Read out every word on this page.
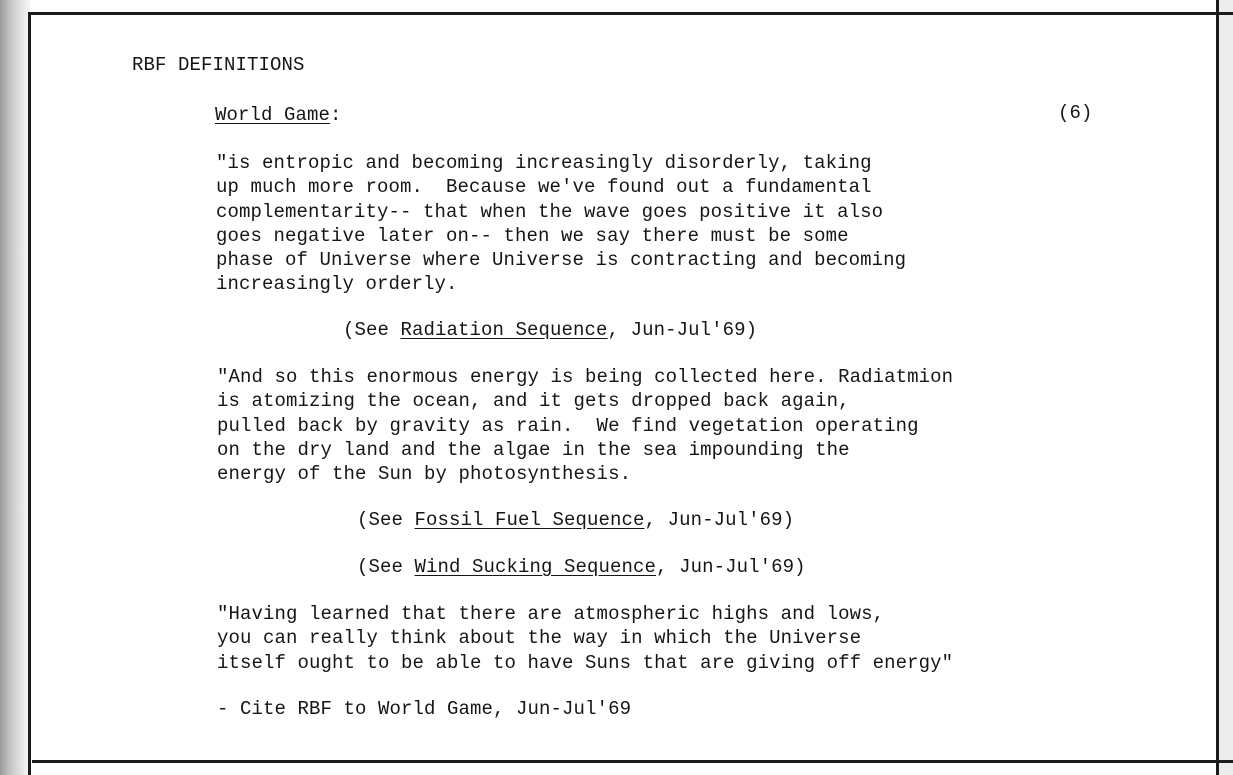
RBF DEFINITIONS
World Game:	(6)
"is entropic and becoming increasingly disorderly, taking
up much more room.  Because we've found out a fundamental
complementarity-- that when the wave goes positive it also
goes negative later on-- then we say there must be some
phase of Universe where Universe is contracting and becoming
increasingly orderly.
(See Radiation Sequence, Jun-Jul'69)
"And so this enormous energy is being collected here. Radiatmion
is atomizing the ocean, and it gets dropped back again,
pulled back by gravity as rain.  We find vegetation operating
on the dry land and the algae in the sea impounding the
energy of the Sun by photosynthesis.
(See Fossil Fuel Sequence, Jun-Jul'69)
(See Wind Sucking Sequence, Jun-Jul'69)
"Having learned that there are atmospheric highs and lows,
you can really think about the way in which the Universe
itself ought to be able to have Suns that are giving off energy"
- Cite RBF to World Game, Jun-Jul'69
